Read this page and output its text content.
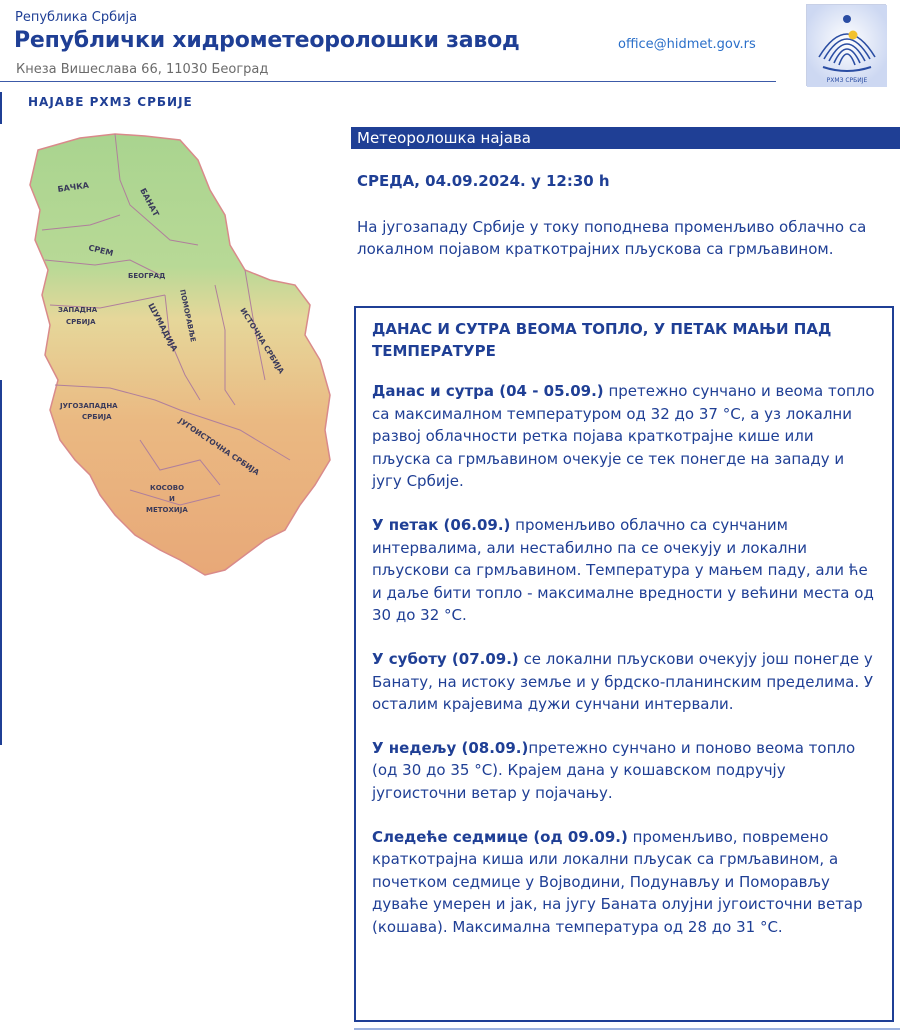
Република Србија
Републички хидрометеоролошки завод
Кнеза Вишеслава 66, 11030 Београд
office@hidmet.gov.rs
РХМЗ СРБИЈЕ
НАЈАВЕ РХМЗ СРБИЈЕ
БАЧКА	БАНАТ
СРЕМ
БЕОГРАД
ЗАПАДНА
СРБИЈА	ШУМАДИЈА
ПОМОРАВЉЕ	ИСТОЧНА СРБИЈА
ЈУГОЗАПАДНА
СРБИЈА	ЈУГОИСТОЧНА СРБИЈА
КОСОВО
И
МЕТОХИЈА
Метеоролошка најава
СРЕДА, 04.09.2024. у 12:30 h
На југозападу Србије у току поподнева променљиво облачно са локалном појавом краткотрајних пљускова са грмљавином.
ДАНАС И СУТРА ВЕОМА ТОПЛО, У ПЕТАК МАЊИ ПАД ТЕМПЕРАТУРЕ

Данас и сутра (04 - 05.09.) претежно сунчано и веома топло са максималном температуром од 32 до 37 °C, а уз локални развој облачности ретка појава краткотрајне кише или пљуска са грмљавином очекује се тек понегде на западу и југу Србије.

У петак (06.09.) променљиво облачно са сунчаним интервалима, али нестабилно па се очекују и локални пљускови са грмљавином. Температура у мањем паду, али ће и даље бити топло - максималне вредности у већини места од 30 до 32 °C.

У суботу (07.09.) се локални пљускови очекују још понегде у Банату, на истоку земље и у брдско-планинским пределима. У осталим крајевима дужи сунчани интервали.

У недељу (08.09.)претежно сунчано и поново веома топло (од 30 до 35 °C). Крајем дана у кошавском подручју југоисточни ветар у појачању.

Следеће седмице (од 09.09.) променљиво, повремено краткотрајна киша или локални пљусак са грмљавином, а почетком седмице у Војводини, Подунављу и Поморављу дуваће умерен и јак, на југу Баната олујни југоисточни ветар (кошава). Максимална температура од 28 до 31 °C.
